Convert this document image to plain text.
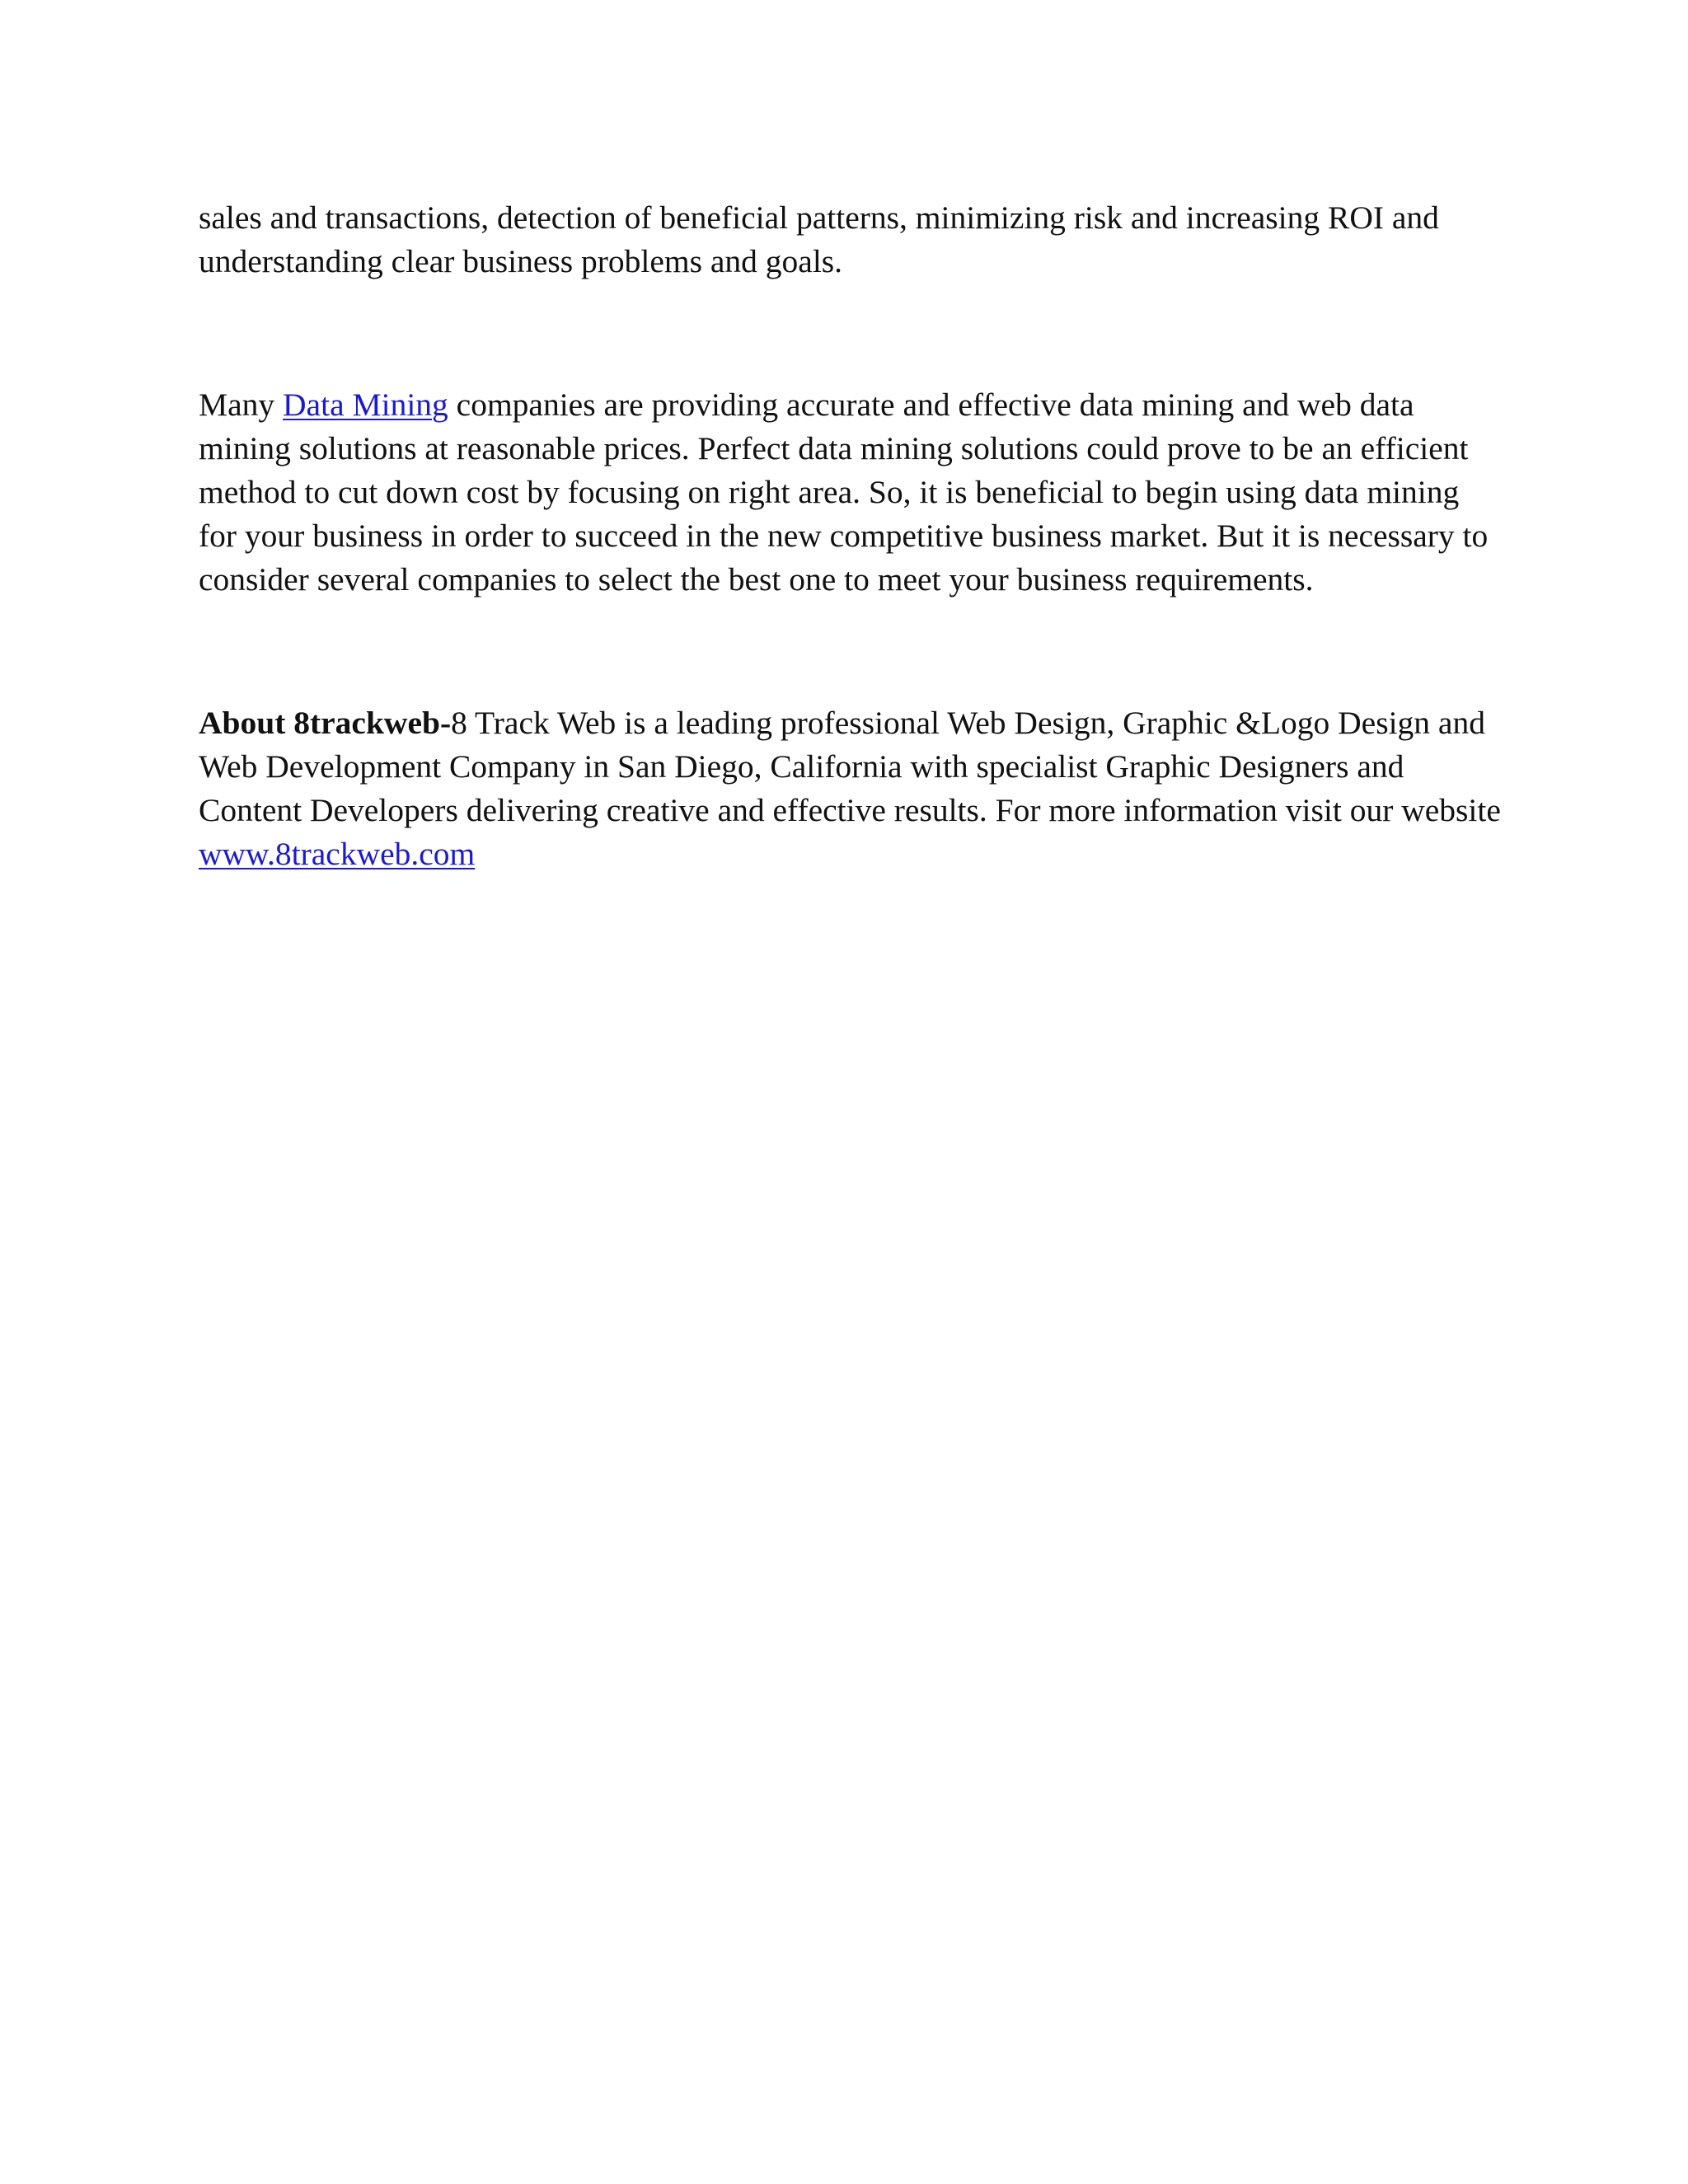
sales and transactions, detection of beneficial patterns, minimizing risk and increasing ROI and understanding clear business problems and goals.

Many Data Mining companies are providing accurate and effective data mining and web data mining solutions at reasonable prices. Perfect data mining solutions could prove to be an efficient method to cut down cost by focusing on right area. So, it is beneficial to begin using data mining for your business in order to succeed in the new competitive business market. But it is necessary to consider several companies to select the best one to meet your business requirements.

About 8trackweb-8 Track Web is a leading professional Web Design, Graphic &Logo Design and Web Development Company in San Diego, California with specialist Graphic Designers and Content Developers delivering creative and effective results. For more information visit our website www.8trackweb.com
